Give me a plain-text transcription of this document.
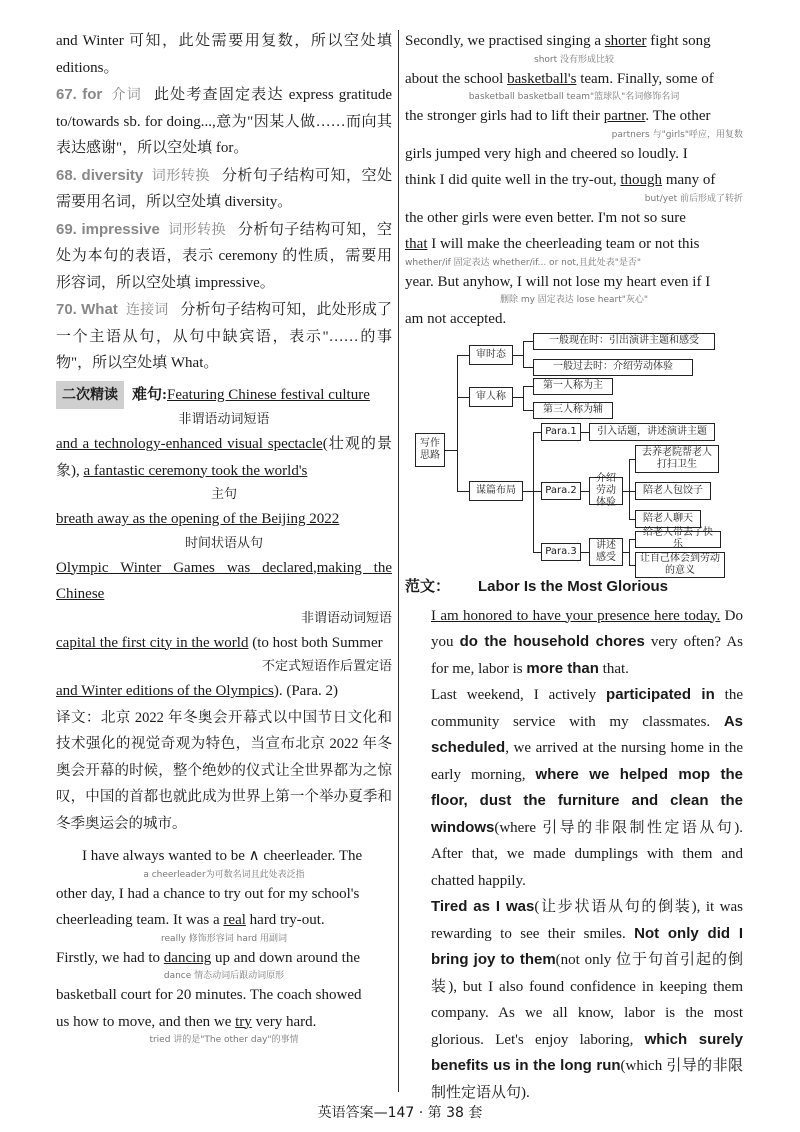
and Winter 可知，此处需要用复数，所以空处填 editions。

67. for 介词 此处考查固定表达 express gratitude to/towards sb. for doing...,意为"因某人做……而向其表达感谢"，所以空处填 for。

68. diversity 词形转换 分析句子结构可知，空处需要用名词，所以空处填 diversity。

69. impressive 词形转换 分析句子结构可知，空处为本句的表语，表示 ceremony 的性质，需要用形容词，所以空处填 impressive。

70. What 连接词 分析句子结构可知，此处形成了一个主语从句，从句中缺宾语，表示"……的事物"，所以空处填 What。

二次精读 难句:Featuring Chinese festival culture

非谓语动词短语

and a technology-enhanced visual spectacle(壮观的景象), a fantastic ceremony took the world's

主句

breath away as the opening of the Beijing 2022

时间状语从句

Olympic Winter Games was declared,making the Chinese

非谓语动词短语

capital the first city in the world (to host both Summer

不定式短语作后置定语

and Winter editions of the Olympics). (Para. 2)

译文：北京 2022 年冬奥会开幕式以中国节日文化和技术强化的视觉奇观为特色，当宣布北京 2022 年冬奥会开幕的时候，整个绝妙的仪式让全世界都为之惊叹，中国的首都也就此成为世界上第一个举办夏季和冬季奥运会的城市。

I have always wanted to be ∧ cheerleader. The

a cheerleader为可数名词且此处表泛指

other day, I had a chance to try out for my school's

cheerleading team. It was a real hard try-out.

really 修饰形容词 hard 用副词

Firstly, we had to dancing up and down around the

dance 情态动词后跟动词原形

basketball court for 20 minutes. The coach showed

us how to move, and then we try very hard.

tried 讲的是"The other day"的事情

Secondly, we practised singing a shorter fight song

short 没有形成比较

about the school basketball's team. Finally, some of

basketball basketball team"篮球队"名词修饰名词

the stronger girls had to lift their partner. The other

partners 与"girls"呼应，用复数

girls jumped very high and cheered so loudly. I

think I did quite well in the try-out, though many of

but/yet 前后形成了转折

the other girls were even better. I'm not so sure

that I will make the cheerleading team or not this

whether/if 固定表达 whether/if... or not,且此处表"是否"

year. But anyhow, I will not lose my heart even if I

删除 my 固定表达 lose heart"灰心"

am not accepted.

写作思路
审时态
一般现在时：引出演讲主题和感受
一般过去时：介绍劳动体验
审人称
第一人称为主
第三人称为辅
谋篇布局
Para.1	引入话题，讲述演讲主题
Para.2
介绍劳动体验
去养老院帮老人打扫卫生
陪老人包饺子
陪老人聊天
Para.3
讲述感受
给老人带去了快乐
让自己体会到劳动的意义
范文： Labor Is the Most Glorious

I am honored to have your presence here today. Do you do the household chores very often? As for me, labor is more than that.

Last weekend, I actively participated in the community service with my classmates. As scheduled, we arrived at the nursing home in the early morning, where we helped mop the floor, dust the furniture and clean the windows(where 引导的非限制性定语从句). After that, we made dumplings with them and chatted happily.

Tired as I was(让步状语从句的倒装), it was rewarding to see their smiles. Not only did I bring joy to them(not only 位于句首引起的倒装), but I also found confidence in keeping them company. As we all know, labor is the most glorious. Let's enjoy laboring, which surely benefits us in the long run(which 引导的非限制性定语从句).

英语答案—147 · 第 38 套
